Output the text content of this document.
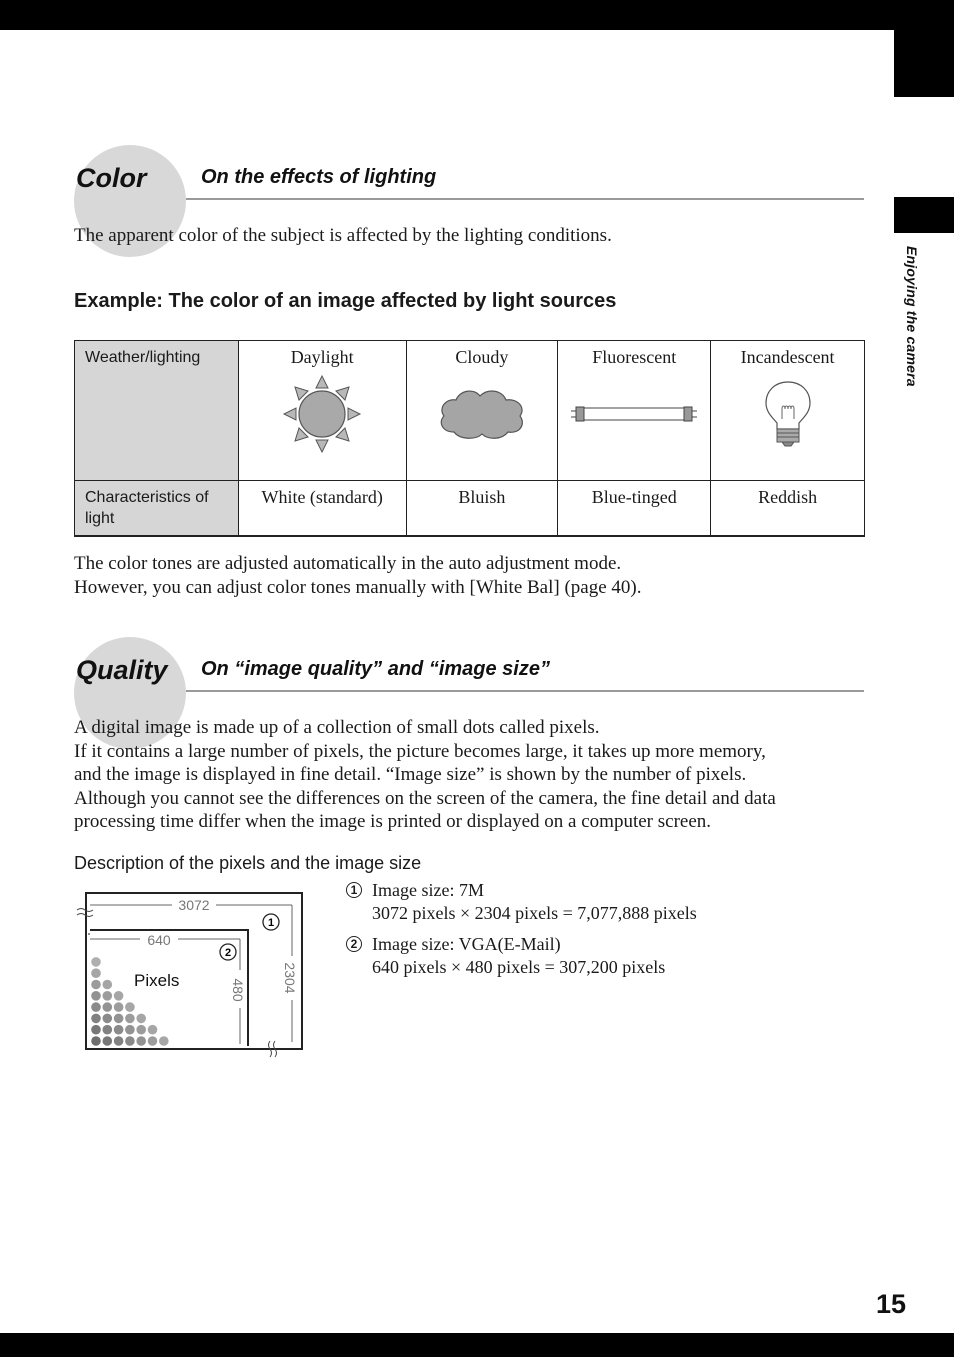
Enjoying the camera
15
Color	On the effects of lighting
The apparent color of the subject is affected by the lighting conditions.
Example: The color of an image affected by light sources
Weather/lighting	Daylight	Cloudy	Fluorescent	Incandescent

Characteristics of light	White (standard)	Bluish	Blue-tinged	Reddish
The color tones are adjusted automatically in the auto adjustment mode.
However, you can adjust color tones manually with [White Bal] (page 40).
Quality On “image quality” and “image size”
A digital image is made up of a collection of small dots called pixels.
If it contains a large number of pixels, the picture becomes large, it takes up more memory,
and the image is displayed in fine detail. “Image size” is shown by the number of pixels.
Although you cannot see the differences on the screen of the camera, the fine detail and data
processing time differ when the image is printed or displayed on a computer screen.
Description of the pixels and the image size
3072
2304
640
480
1
2
Pixels
1 Image size: 7M
3072 pixels × 2304 pixels = 7,077,888 pixels
2 Image size: VGA(E-Mail)
640 pixels × 480 pixels = 307,200 pixels
